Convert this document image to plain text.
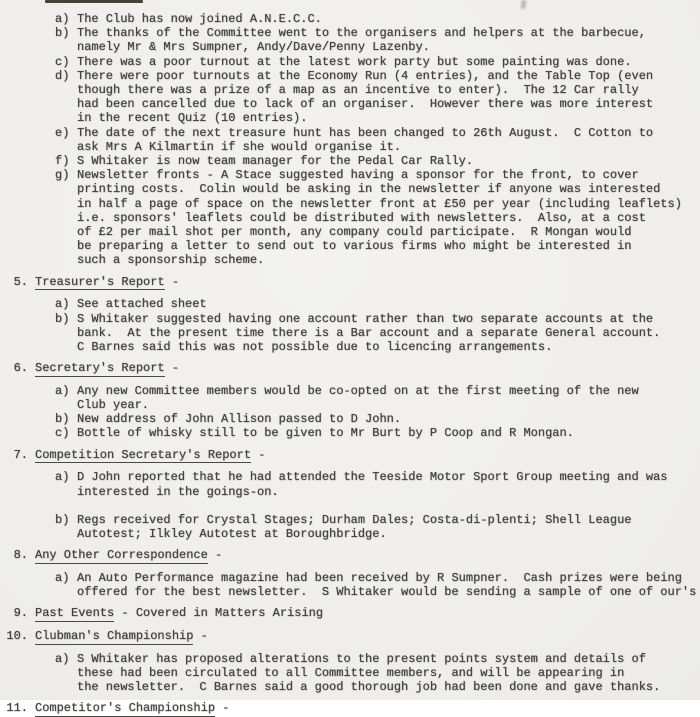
a) The Club has now joined A.N.E.C.C.
b) The thanks of the Committee went to the organisers and helpers at the barbecue,
namely Mr & Mrs Sumpner, Andy/Dave/Penny Lazenby.
c) There was a poor turnout at the latest work party but some painting was done.
d) There were poor turnouts at the Economy Run (4 entries), and the Table Top (even
though there was a prize of a map as an incentive to enter).  The 12 Car rally
had been cancelled due to lack of an organiser.  However there was more interest
in the recent Quiz (10 entries).
e) The date of the next treasure hunt has been changed to 26th August.  C Cotton to
ask Mrs A Kilmartin if she would organise it.
f) S Whitaker is now team manager for the Pedal Car Rally.
g) Newsletter fronts - A Stace suggested having a sponsor for the front, to cover
printing costs.  Colin would be asking in the newsletter if anyone was interested
in half a page of space on the newsletter front at £50 per year (including leaflets)
i.e. sponsors' leaflets could be distributed with newsletters.  Also, at a cost
of £2 per mail shot per month, any company could participate.  R Mongan would
be preparing a letter to send out to various firms who might be interested in
such a sponsorship scheme.
5. Treasurer's Report -
a) See attached sheet
b) S Whitaker suggested having one account rather than two separate accounts at the
bank.  At the present time there is a Bar account and a separate General account.
C Barnes said this was not possible due to licencing arrangements.
6. Secretary's Report -
a) Any new Committee members would be co-opted on at the first meeting of the new
Club year.
b) New address of John Allison passed to D John.
c) Bottle of whisky still to be given to Mr Burt by P Coop and R Mongan.
7. Competition Secretary's Report -
a) D John reported that he had attended the Teeside Motor Sport Group meeting and was
interested in the goings-on.
b) Regs received for Crystal Stages; Durham Dales; Costa-di-plenti; Shell League
Autotest; Ilkley Autotest at Boroughbridge.
8. Any Other Correspondence -
a) An Auto Performance magazine had been received by R Sumpner.  Cash prizes were being
offered for the best newsletter.  S Whitaker would be sending a sample of one of our's
9. Past Events - Covered in Matters Arising
10. Clubman's Championship -
a) S Whitaker has proposed alterations to the present points system and details of
these had been circulated to all Committee members, and will be appearing in
the newsletter.  C Barnes said a good thorough job had been done and gave thanks.
11. Competitor's Championship -
